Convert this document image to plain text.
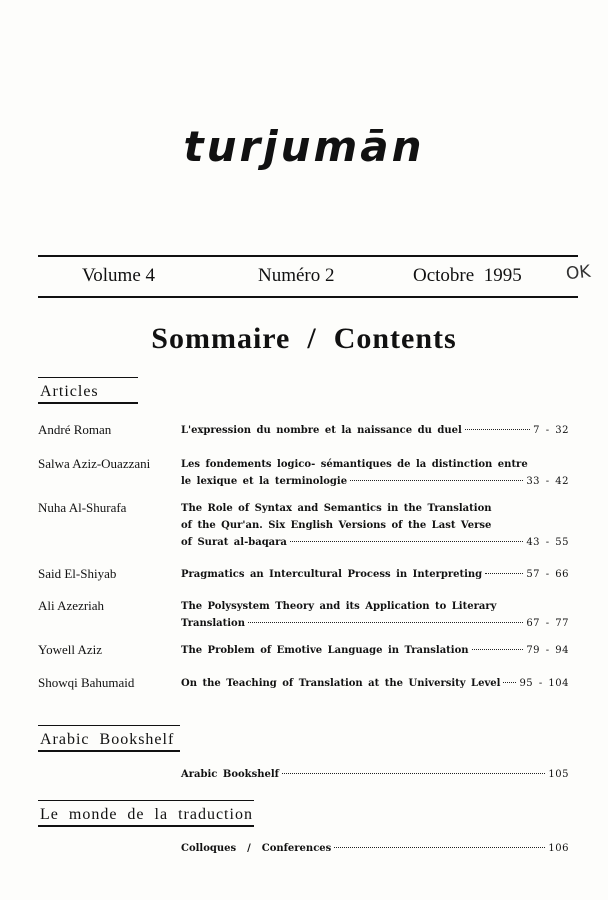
turjumān
Volume 4	Numéro 2	Octobre  1995	OK
Sommaire  /  Contents
Articles
André Roman	L'expression du nombre et la naissance du duel	7 - 32
Salwa Aziz-Ouazzani	Les fondements logico- sémantiques de la distinction entre
le lexique et la terminologie	33 - 42
Nuha Al-Shurafa	The Role of Syntax and Semantics in the Translation
of the Qur'an. Six English Versions of the Last Verse
of Surat al-baqara	43 - 55
Said El-Shiyab	Pragmatics an Intercultural Process in Interpreting	57 - 66
Ali Azezriah	The Polysystem Theory and its Application to Literary
Translation	67 - 77
Yowell Aziz	The Problem of Emotive Language in Translation	79 - 94
Showqi Bahumaid	On the Teaching of Translation at the University Level 95 - 104
Arabic  Bookshelf
Arabic Bookshelf	105
Le  monde  de  la  traduction
Colloques  /  Conferences	106
